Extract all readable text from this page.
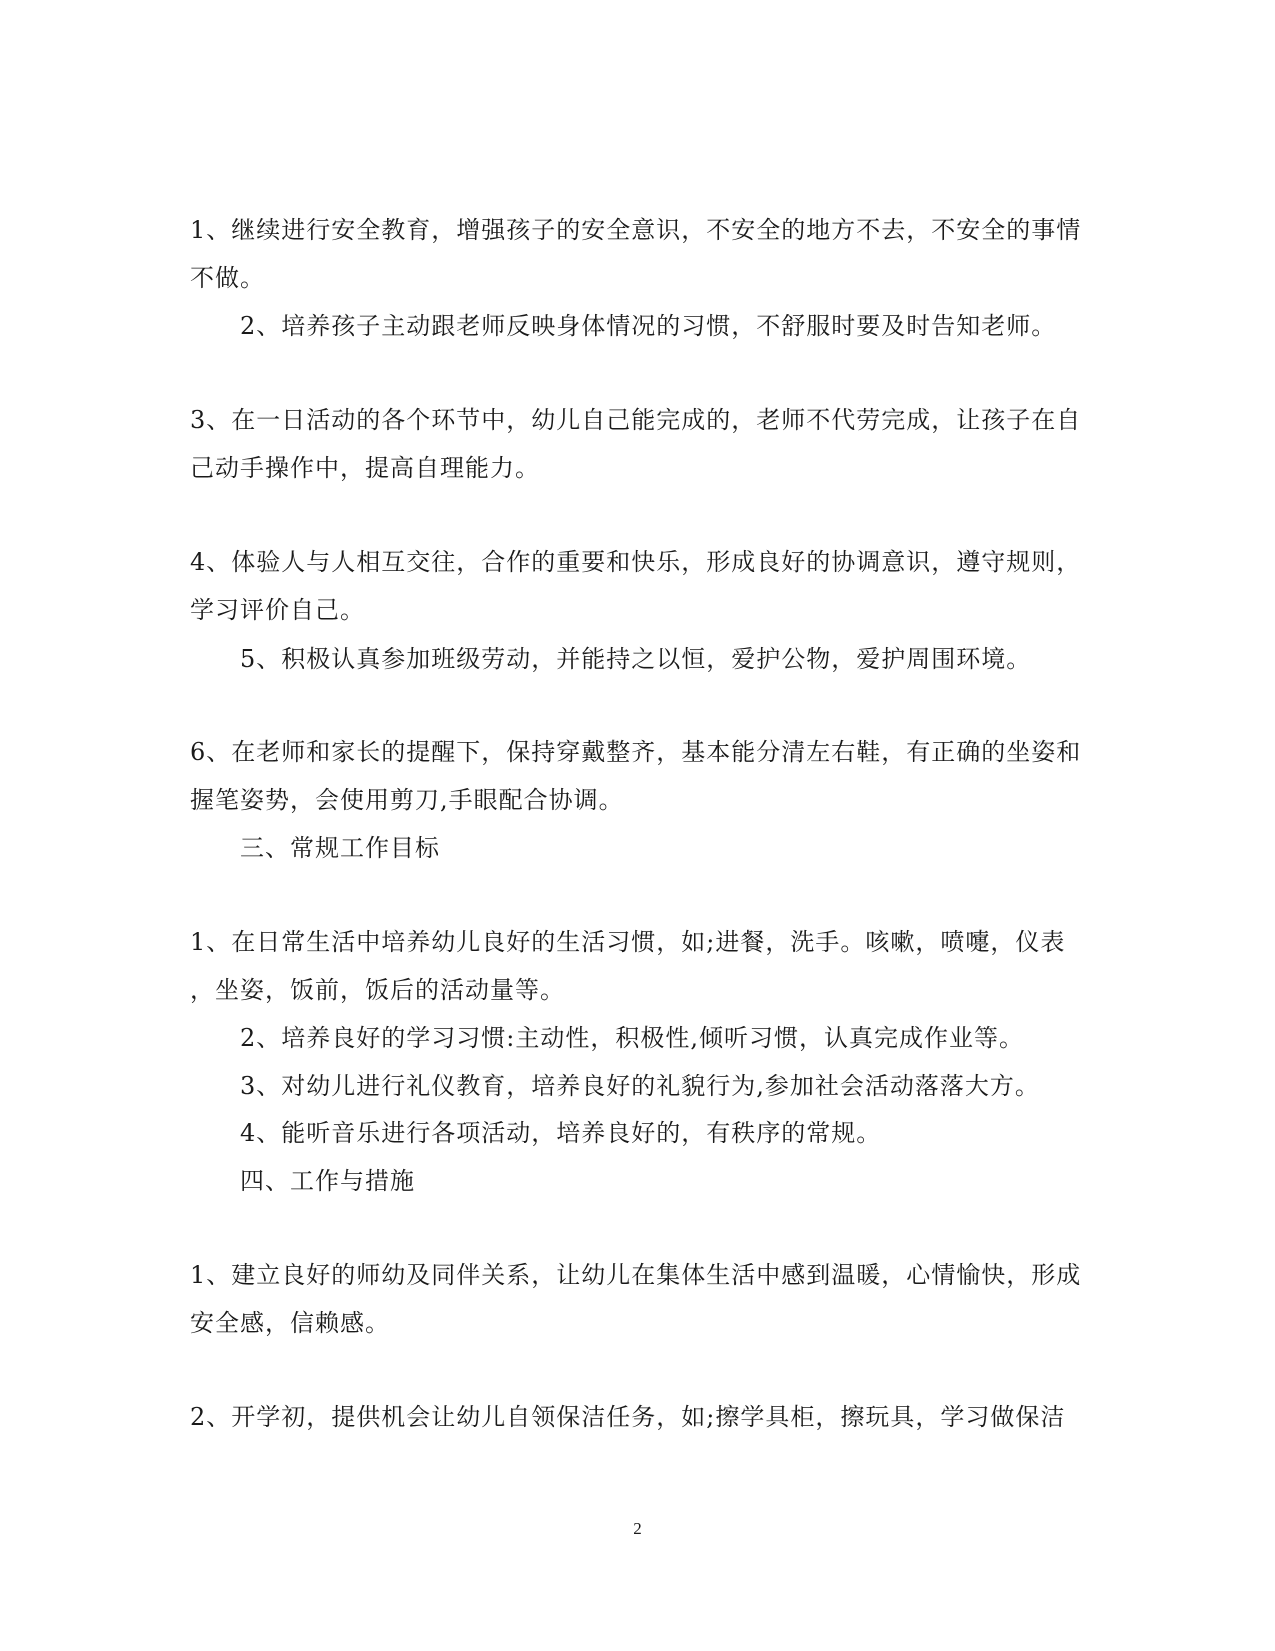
1、继续进行安全教育，增强孩子的安全意识，不安全的地方不去，不安全的事情
不做。
2、培养孩子主动跟老师反映身体情况的习惯，不舒服时要及时告知老师。
3、在一日活动的各个环节中，幼儿自己能完成的，老师不代劳完成，让孩子在自
己动手操作中，提高自理能力。
4、体验人与人相互交往，合作的重要和快乐，形成良好的协调意识，遵守规则，
学习评价自己。
5、积极认真参加班级劳动，并能持之以恒，爱护公物，爱护周围环境。
6、在老师和家长的提醒下，保持穿戴整齐，基本能分清左右鞋，有正确的坐姿和
握笔姿势，会使用剪刀,手眼配合协调。
三、常规工作目标
1、在日常生活中培养幼儿良好的生活习惯，如;进餐，洗手。咳嗽，喷嚏，仪表
，坐姿，饭前，饭后的活动量等。
2、培养良好的学习习惯:主动性，积极性,倾听习惯，认真完成作业等。
3、对幼儿进行礼仪教育，培养良好的礼貌行为,参加社会活动落落大方。
4、能听音乐进行各项活动，培养良好的，有秩序的常规。
四、工作与措施
1、建立良好的师幼及同伴关系，让幼儿在集体生活中感到温暖，心情愉快，形成
安全感，信赖感。
2、开学初，提供机会让幼儿自领保洁任务，如;擦学具柜，擦玩具，学习做保洁
2
